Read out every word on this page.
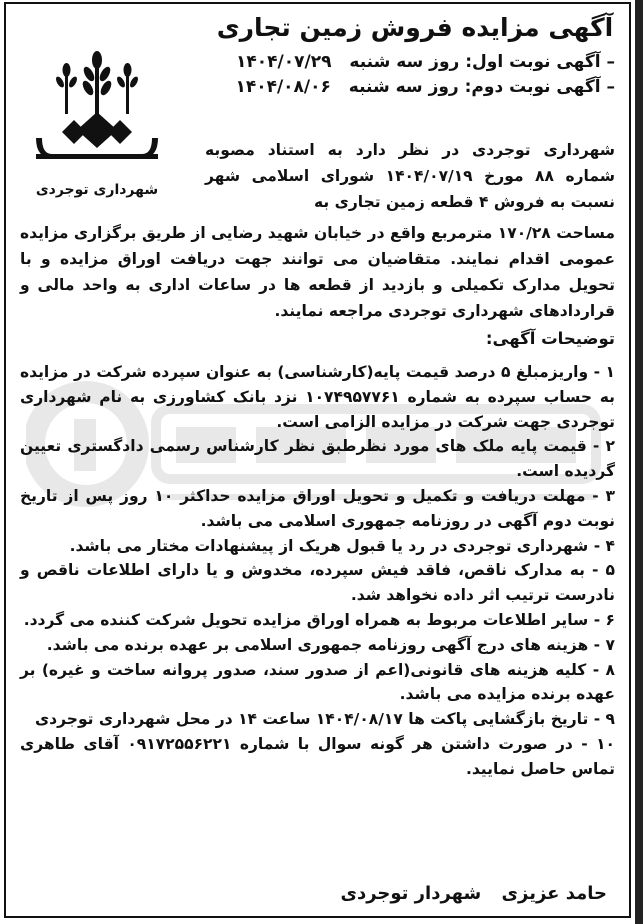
آگهی مزایده فروش زمین تجاری
– آگهی نوبت اول: روز سه شنبه ۱۴۰۴/۰۷/۲۹
– آگهی نوبت دوم: روز سه شنبه ۱۴۰۴/۰۸/۰۶
شهرداری توجردی
شهرداری توجردی در نظر دارد به استناد مصوبه شماره ۸۸ مورخ ۱۴۰۴/۰۷/۱۹ شورای اسلامی شهر نسبت به فروش ۴ قطعه زمین تجاری به
مساحت ۱۷۰/۲۸ مترمربع واقع در خیابان شهید رضایی از طریق برگزاری مزایده عمومی اقدام نمایند. متقاضیان می توانند جهت دریافت اوراق مزایده و با تحویل مدارک تکمیلی و بازدید از قطعه ها در ساعات اداری به واحد مالی و قراردادهای شهرداری توجردی مراجعه نمایند.
توضیحات آگهی:

۱ - واریزمبلغ ۵ درصد قیمت پایه(کارشناسی) به عنوان سپرده شرکت در مزایده به حساب سپرده به شماره ۱۰۷۴۹۵۷۷۶۱ نزد بانک کشاورزی به نام شهرداری توجردی جهت شرکت در مزایده الزامی است.

۲ - قیمت پایه ملک های مورد نظرطبق نظر کارشناس رسمی دادگستری تعیین گردیده است.

۳ - مهلت دریافت و تکمیل و تحویل اوراق مزایده حداکثر ۱۰ روز پس از تاریخ نوبت دوم آگهی در روزنامه جمهوری اسلامی می باشد.

۴ - شهرداری توجردی در رد یا قبول هریک از پیشنهادات مختار می باشد.

۵ - به مدارک ناقص، فاقد فیش سپرده، مخدوش و یا دارای اطلاعات ناقص و نادرست ترتیب اثر داده نخواهد شد.

۶ - سایر اطلاعات مربوط به همراه اوراق مزایده تحویل شرکت کننده می گردد.

۷ - هزینه های درج آگهی روزنامه جمهوری اسلامی بر عهده برنده می باشد.

۸ - کلیه هزینه های قانونی(اعم از صدور سند، صدور پروانه ساخت و غیره) بر عهده برنده مزایده می باشد.

۹ - تاریخ بازگشایی پاکت ها ۱۴۰۴/۰۸/۱۷ ساعت ۱۴ در محل شهرداری توجردی

۱۰ - در صورت داشتن هر گونه سوال با شماره ۰۹۱۷۲۵۵۶۲۲۱ آقای طاهری تماس حاصل نمایید.

حامد عزیزی شهردار توجردی
